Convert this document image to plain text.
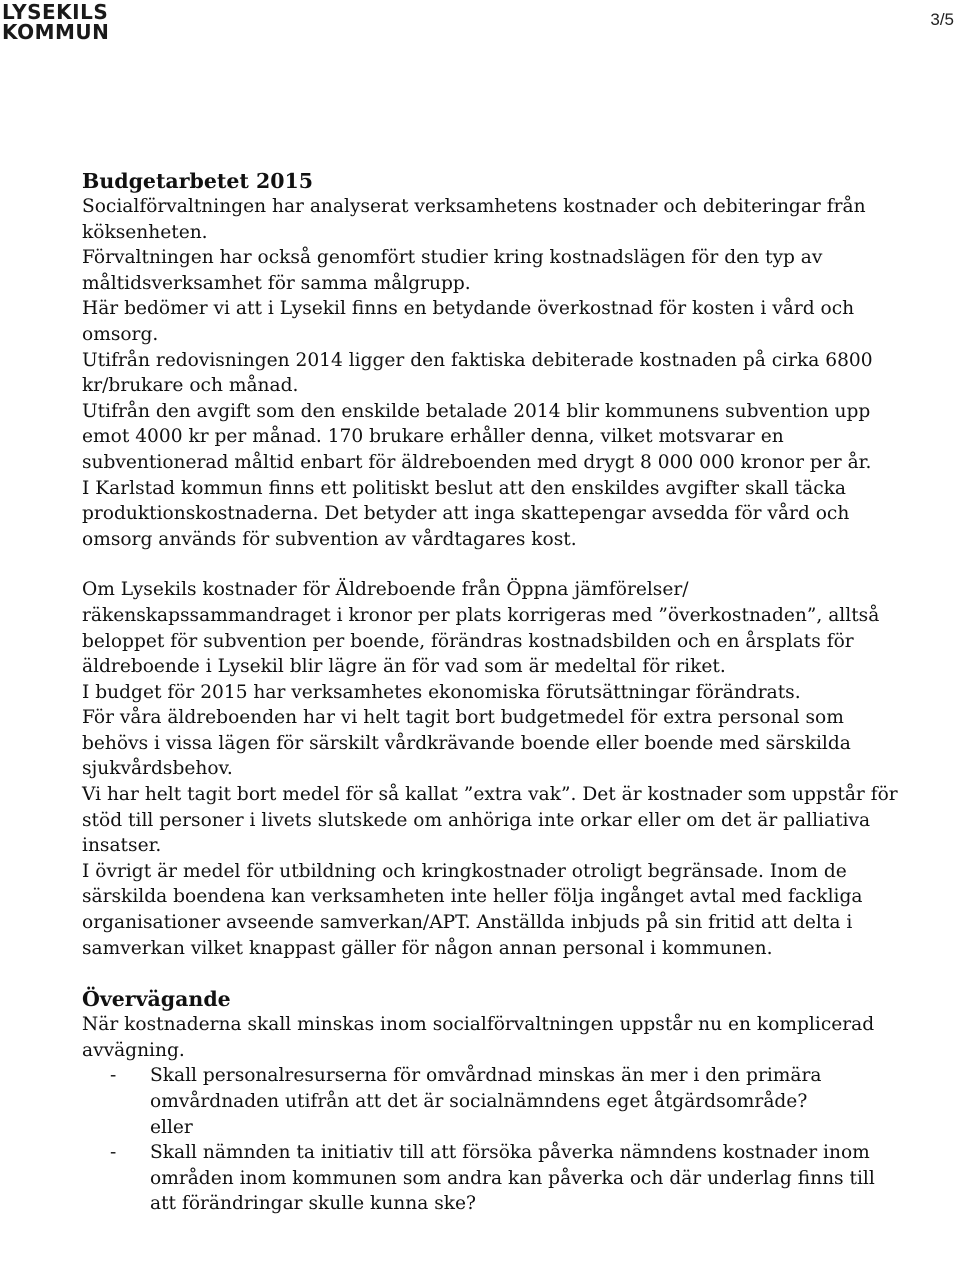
LYSEKILS
KOMMUN
3/5
Budgetarbetet 2015

Socialförvaltningen har analyserat verksamhetens kostnader och debiteringar från köksenheten.

Förvaltningen har också genomfört studier kring kostnadslägen för den typ av måltidsverksamhet för samma målgrupp.

Här bedömer vi att i Lysekil finns en betydande överkostnad för kosten i vård och omsorg.

Utifrån redovisningen 2014 ligger den faktiska debiterade kostnaden på cirka 6800 kr/brukare och månad.

Utifrån den avgift som den enskilde betalade 2014 blir kommunens subvention upp emot 4000 kr per månad. 170 brukare erhåller denna, vilket motsvarar en subventionerad måltid enbart för äldreboenden med drygt 8 000 000 kronor per år.

I Karlstad kommun finns ett politiskt beslut att den enskildes avgifter skall täcka produktionskostnaderna. Det betyder att inga skattepengar avsedda för vård och omsorg används för subvention av vårdtagares kost.

Om Lysekils kostnader för Äldreboende från Öppna jämförelser/ räkenskapssammandraget i kronor per plats korrigeras med ”överkostnaden”, alltså beloppet för subvention per boende, förändras kostnadsbilden och en årsplats för äldreboende i Lysekil blir lägre än för vad som är medeltal för riket.

I budget för 2015 har verksamhetes ekonomiska förutsättningar förändrats.

För våra äldreboenden har vi helt tagit bort budgetmedel för extra personal som behövs i vissa lägen för särskilt vårdkrävande boende eller boende med särskilda sjukvårdsbehov.

Vi har helt tagit bort medel för så kallat ”extra vak”. Det är kostnader som uppstår för stöd till personer i livets slutskede om anhöriga inte orkar eller om det är palliativa insatser.

I övrigt är medel för utbildning och kringkostnader otroligt begränsade. Inom de särskilda boendena kan verksamheten inte heller följa ingånget avtal med fackliga organisationer avseende samverkan/APT. Anställda inbjuds på sin fritid att delta i samverkan vilket knappast gäller för någon annan personal i kommunen.

Övervägande

När kostnaderna skall minskas inom socialförvaltningen uppstår nu en komplicerad avvägning.

- Skall personalresurserna för omvårdnad minskas än mer i den primära omvårdnaden utifrån att det är socialnämndens eget åtgärdsområde?
eller
- Skall nämnden ta initiativ till att försöka påverka nämndens kostnader inom områden inom kommunen som andra kan påverka och där underlag finns till att förändringar skulle kunna ske?
